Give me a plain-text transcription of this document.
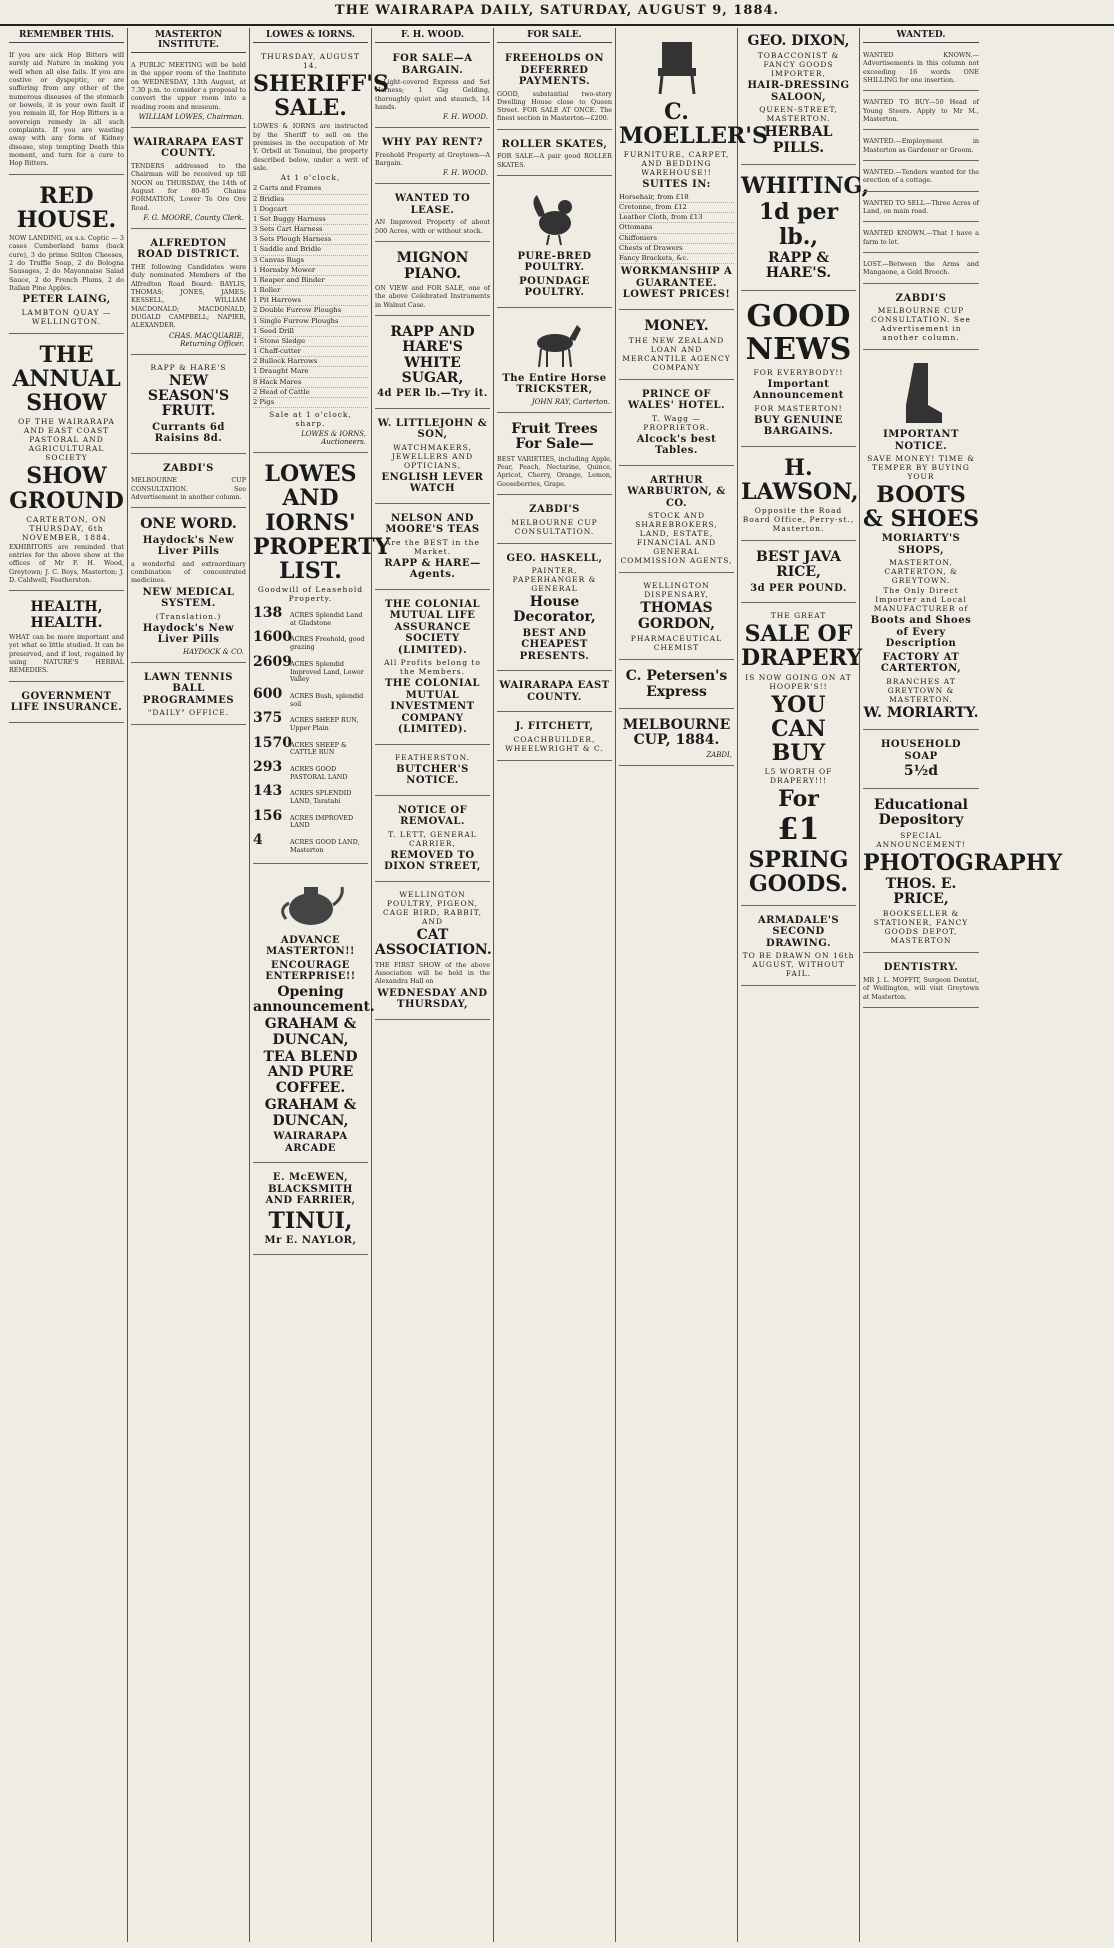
THE WAIRARAPA DAILY, SATURDAY, AUGUST 9, 1884.
REMEMBER THIS.

If you are sick Hop Bitters will surely aid Nature in making you well when all else fails. If you are costive or dyspeptic, or are suffering from any other of the numerous diseases of the stomach or bowels, it is your own fault if you remain ill, for Hop Bitters is a sovereign remedy in all such complaints. If you are wasting away with any form of Kidney disease, stop tempting Death this moment, and turn for a cure to Hop Bitters.

RED HOUSE.

NOW LANDING, ex s.s. Coptic — 3 cases Cumberland hams (back cure), 3 do prime Stilton Cheeses, 2 do Truffle Soap, 2 do Bologna Sausages, 2 do Mayonnaise Salad Sauce, 2 do French Plums, 2 do Italian Pine Apples.

PETER LAING,

LAMBTON QUAY — WELLINGTON.

THE ANNUAL SHOW

OF THE WAIRARAPA AND EAST COAST PASTORAL AND AGRICULTURAL SOCIETY

SHOW GROUND

CARTERTON, ON THURSDAY, 6th NOVEMBER, 1884.

EXHIBITORS are reminded that entries for the above show at the offices of Mr F. H. Wood, Greytown; J. C. Boys, Masterton; J. D. Caldwell, Featherston.

HEALTH, HEALTH.

WHAT can be more important and yet what so little studied. It can be preserved, and if lost, regained by using NATURE'S HERBAL REMEDIES.

GOVERNMENT LIFE INSURANCE.
MASTERTON INSTITUTE.

A PUBLIC MEETING will be held in the upper room of the Institute on WEDNESDAY, 13th August, at 7.30 p.m. to consider a proposal to convert the upper room into a reading room and museum.

WILLIAM LOWES, Chairman.

WAIRARAPA EAST COUNTY.

TENDERS addressed to the Chairman will be received up till NOON on THURSDAY, the 14th of August for 80-85 Chains FORMATION, Lower Te Ore Ore Road.

F. G. MOORE, County Clerk.

ALFREDTON ROAD DISTRICT.

THE following Candidates were duly nominated Members of the Alfredton Road Board: BAYLIS, THOMAS; JONES, JAMES; KESSELL, WILLIAM MACDONALD; MACDONALD, DUGALD CAMPBELL; NAPIER, ALEXANDER.

CHAS. MACQUARIE, Returning Officer.

RAPP & HARE'S

NEW SEASON'S FRUIT.
Currants 6d Raisins 8d.
ZABDI'S

MELBOURNE CUP CONSULTATION. See Advertisement in another column.

ONE WORD.
Haydock's New Liver Pills

a wonderful and extraordinary combination of concentrated medicines.

NEW MEDICAL SYSTEM.

(Translation.)

Haydock's New Liver Pills

HAYDOCK & CO.

LAWN TENNIS BALL PROGRAMMES

"DAILY" OFFICE.

LOWES & IORNS.

THURSDAY, AUGUST 14.

SHERIFF'S SALE.

LOWES & IORNS are instructed by the Sheriff to sell on the premises in the occupation of Mr Y. Orbell at Tenuinui, the property described below, under a writ of sale.

At 1 o'clock,

2 Carts and Frames
2 Bridles
1 Dogcart
1 Set Buggy Harness
3 Sets Cart Harness
3 Sets Plough Harness
1 Saddle and Bridle
3 Canvas Rugs
1 Hornsby Mower
1 Reaper and Binder
1 Roller
1 Pit Harrows
2 Double Furrow Ploughs
1 Single Furrow Ploughs
1 Seed Drill
1 Stone Sledge
1 Chaff-cutter
2 Bullock Harrows
1 Draught Mare
8 Hack Mares
2 Head of Cattle
2 Pigs

Sale at 1 o'clock, sharp.

LOWES & IORNS, Auctioneers.

LOWES AND IORNS' PROPERTY LIST.

Goodwill of Leasehold Property.

138	ACRES Splendid Land at Gladstone
1600
ACRES Freehold, good grazing
2609
ACRES Splendid Improved Land, Lower Valley
600	ACRES Bush, splendid soil
375	ACRES SHEEP RUN, Upper Plain
1570
ACRES SHEEP & CATTLE RUN
293	ACRES GOOD PASTORAL LAND
143	ACRES SPLENDID LAND, Taratahi
156	ACRES IMPROVED LAND
4	ACRES GOOD LAND, Masterton
ADVANCE MASTERTON!!
ENCOURAGE ENTERPRISE!!
Opening announcement.
GRAHAM & DUNCAN,
TEA BLEND AND PURE COFFEE.
GRAHAM & DUNCAN,
WAIRARAPA ARCADE
E. McEWEN, BLACKSMITH AND FARRIER,
TINUI,
Mr E. NAYLOR,
F. H. WOOD.
FOR SALE—A BARGAIN.

1 Light-covered Express and Set Harness; 1 Gig Gelding, thoroughly quiet and staunch, 14 hands.

F. H. WOOD.

WHY PAY RENT?

Freehold Property at Greytown—A Bargain.

F. H. WOOD.

WANTED TO LEASE.

AN Improved Property of about 500 Acres, with or without stock.

MIGNON PIANO.

ON VIEW and FOR SALE, one of the above Celebrated Instruments in Walnut Case.

RAPP AND HARE'S WHITE SUGAR,
4d PER lb.—Try it.
W. LITTLEJOHN & SON,

WATCHMAKERS, JEWELLERS AND OPTICIANS,

ENGLISH LEVER WATCH
NELSON AND MOORE'S TEAS

Are the BEST in the Market.

RAPP & HARE—Agents.
THE COLONIAL MUTUAL LIFE ASSURANCE SOCIETY (LIMITED).

All Profits belong to the Members.

THE COLONIAL MUTUAL INVESTMENT COMPANY (LIMITED).

FEATHERSTON.

BUTCHER'S NOTICE.
NOTICE OF REMOVAL.

T. LETT, GENERAL CARRIER,

REMOVED TO DIXON STREET,

WELLINGTON POULTRY, PIGEON, CAGE BIRD, RABBIT, AND

CAT ASSOCIATION.

THE FIRST SHOW of the above Association will be held in the Alexandra Hall on

WEDNESDAY AND THURSDAY,
FOR SALE.
FREEHOLDS ON DEFERRED PAYMENTS.

GOOD, substantial two-story Dwelling House close to Queen Street. FOR SALE AT ONCE. The finest section in Masterton—£200.

ROLLER SKATES,

FOR SALE—A pair good ROLLER SKATES.

PURE-BRED POULTRY.
POUNDAGE POULTRY.
The Entire Horse TRICKSTER,

JOHN RAY, Carterton.

Fruit Trees For Sale—

BEST VARIETIES, including Apple, Pear, Peach, Nectarine, Quince, Apricot, Cherry, Orange, Lemon, Gooseberries, Grape.

ZABDI'S

MELBOURNE CUP CONSULTATION.

GEO. HASKELL,

PAINTER, PAPERHANGER & GENERAL

House Decorator,
BEST AND CHEAPEST PRESENTS.
WAIRARAPA EAST COUNTY.
J. FITCHETT,

COACHBUILDER, WHEELWRIGHT & C.

C. MOELLER'S

FURNITURE, CARPET, AND BEDDING WAREHOUSE!!

SUITES IN:
Horsehair, from £18
Cretonne, from £12
Leather Cloth, from £13
Ottomans
Chiffoniers
Chests of Drawers
Fancy Brackets, &c.
WORKMANSHIP A GUARANTEE. LOWEST PRICES!
MONEY.

THE NEW ZEALAND LOAN AND MERCANTILE AGENCY COMPANY

PRINCE OF WALES' HOTEL.

T. Wagg — PROPRIETOR.

Alcock's best Tables.
ARTHUR WARBURTON, & CO.

STOCK AND SHAREBROKERS, LAND, ESTATE, FINANCIAL AND GENERAL COMMISSION AGENTS,

WELLINGTON DISPENSARY,

THOMAS GORDON,

PHARMACEUTICAL CHEMIST

C. Petersen's Express
MELBOURNE CUP, 1884.

ZABDI,

GEO. DIXON,

TOBACCONIST & FANCY GOODS IMPORTER,

HAIR-DRESSING SALOON,

QUEEN-STREET, MASTERTON.

HERBAL PILLS.
WHITING,
1d per lb.,
RAPP & HARE'S.
GOOD NEWS

FOR EVERYBODY!!

Important Announcement

FOR MASTERTON!

BUY GENUINE BARGAINS.
H. LAWSON,

Opposite the Road Board Office, Perry-st., Masterton.

BEST JAVA RICE,
3d PER POUND.

THE GREAT

SALE OF DRAPERY

IS NOW GOING ON AT HOOPER'S!!

YOU CAN BUY

L5 WORTH OF DRAPERY!!!

For
£1
SPRING GOODS.
ARMADALE'S SECOND DRAWING.

TO BE DRAWN ON 16th AUGUST, WITHOUT FAIL.

WANTED.

WANTED KNOWN.—Advertisements in this column not exceeding 16 words ONE SHILLING for one insertion.

WANTED TO BUY—50 Head of Young Steers. Apply to Mr M., Masterton.

WANTED.—Employment in Masterton as Gardener or Groom.

WANTED.—Tenders wanted for the erection of a cottage.

WANTED TO SELL—Three Acres of Land, on main road.

WANTED KNOWN.—That I have a farm to let.

LOST.—Between the Arms and Mangaone, a Gold Brooch.

ZABDI'S

MELBOURNE CUP CONSULTATION. See Advertisement in another column.

IMPORTANT NOTICE.

SAVE MONEY! TIME & TEMPER BY BUYING YOUR

BOOTS & SHOES
MORIARTY'S SHOPS,

MASTERTON, CARTERTON, & GREYTOWN.

The Only Direct Importer and Local MANUFACTURER of

Boots and Shoes of Every Description
FACTORY AT CARTERTON,

BRANCHES AT GREYTOWN & MASTERTON.

W. MORIARTY.
HOUSEHOLD SOAP
5½d
Educational Depository

SPECIAL ANNOUNCEMENT!

PHOTOGRAPHY
THOS. E. PRICE,

BOOKSELLER & STATIONER, FANCY GOODS DEPOT, MASTERTON

DENTISTRY.

MR J. L. MOFFIT, Surgeon Dentist, of Wellington, will visit Greytown at Masterton.
